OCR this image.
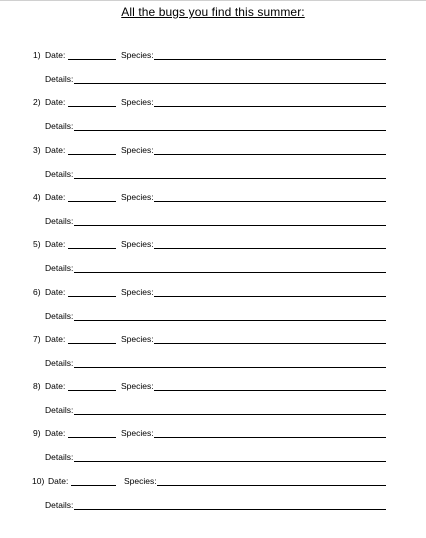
All the bugs you find this summer:
1) Date:	Species:
Details:
2) Date:	Species:
Details:
3) Date:	Species:
Details:
4) Date:	Species:
Details:
5) Date:	Species:
Details:
6) Date:	Species:
Details:
7) Date:	Species:
Details:
8) Date:	Species:
Details:
9) Date:	Species:
Details:
10) Date:	Species:
Details:
